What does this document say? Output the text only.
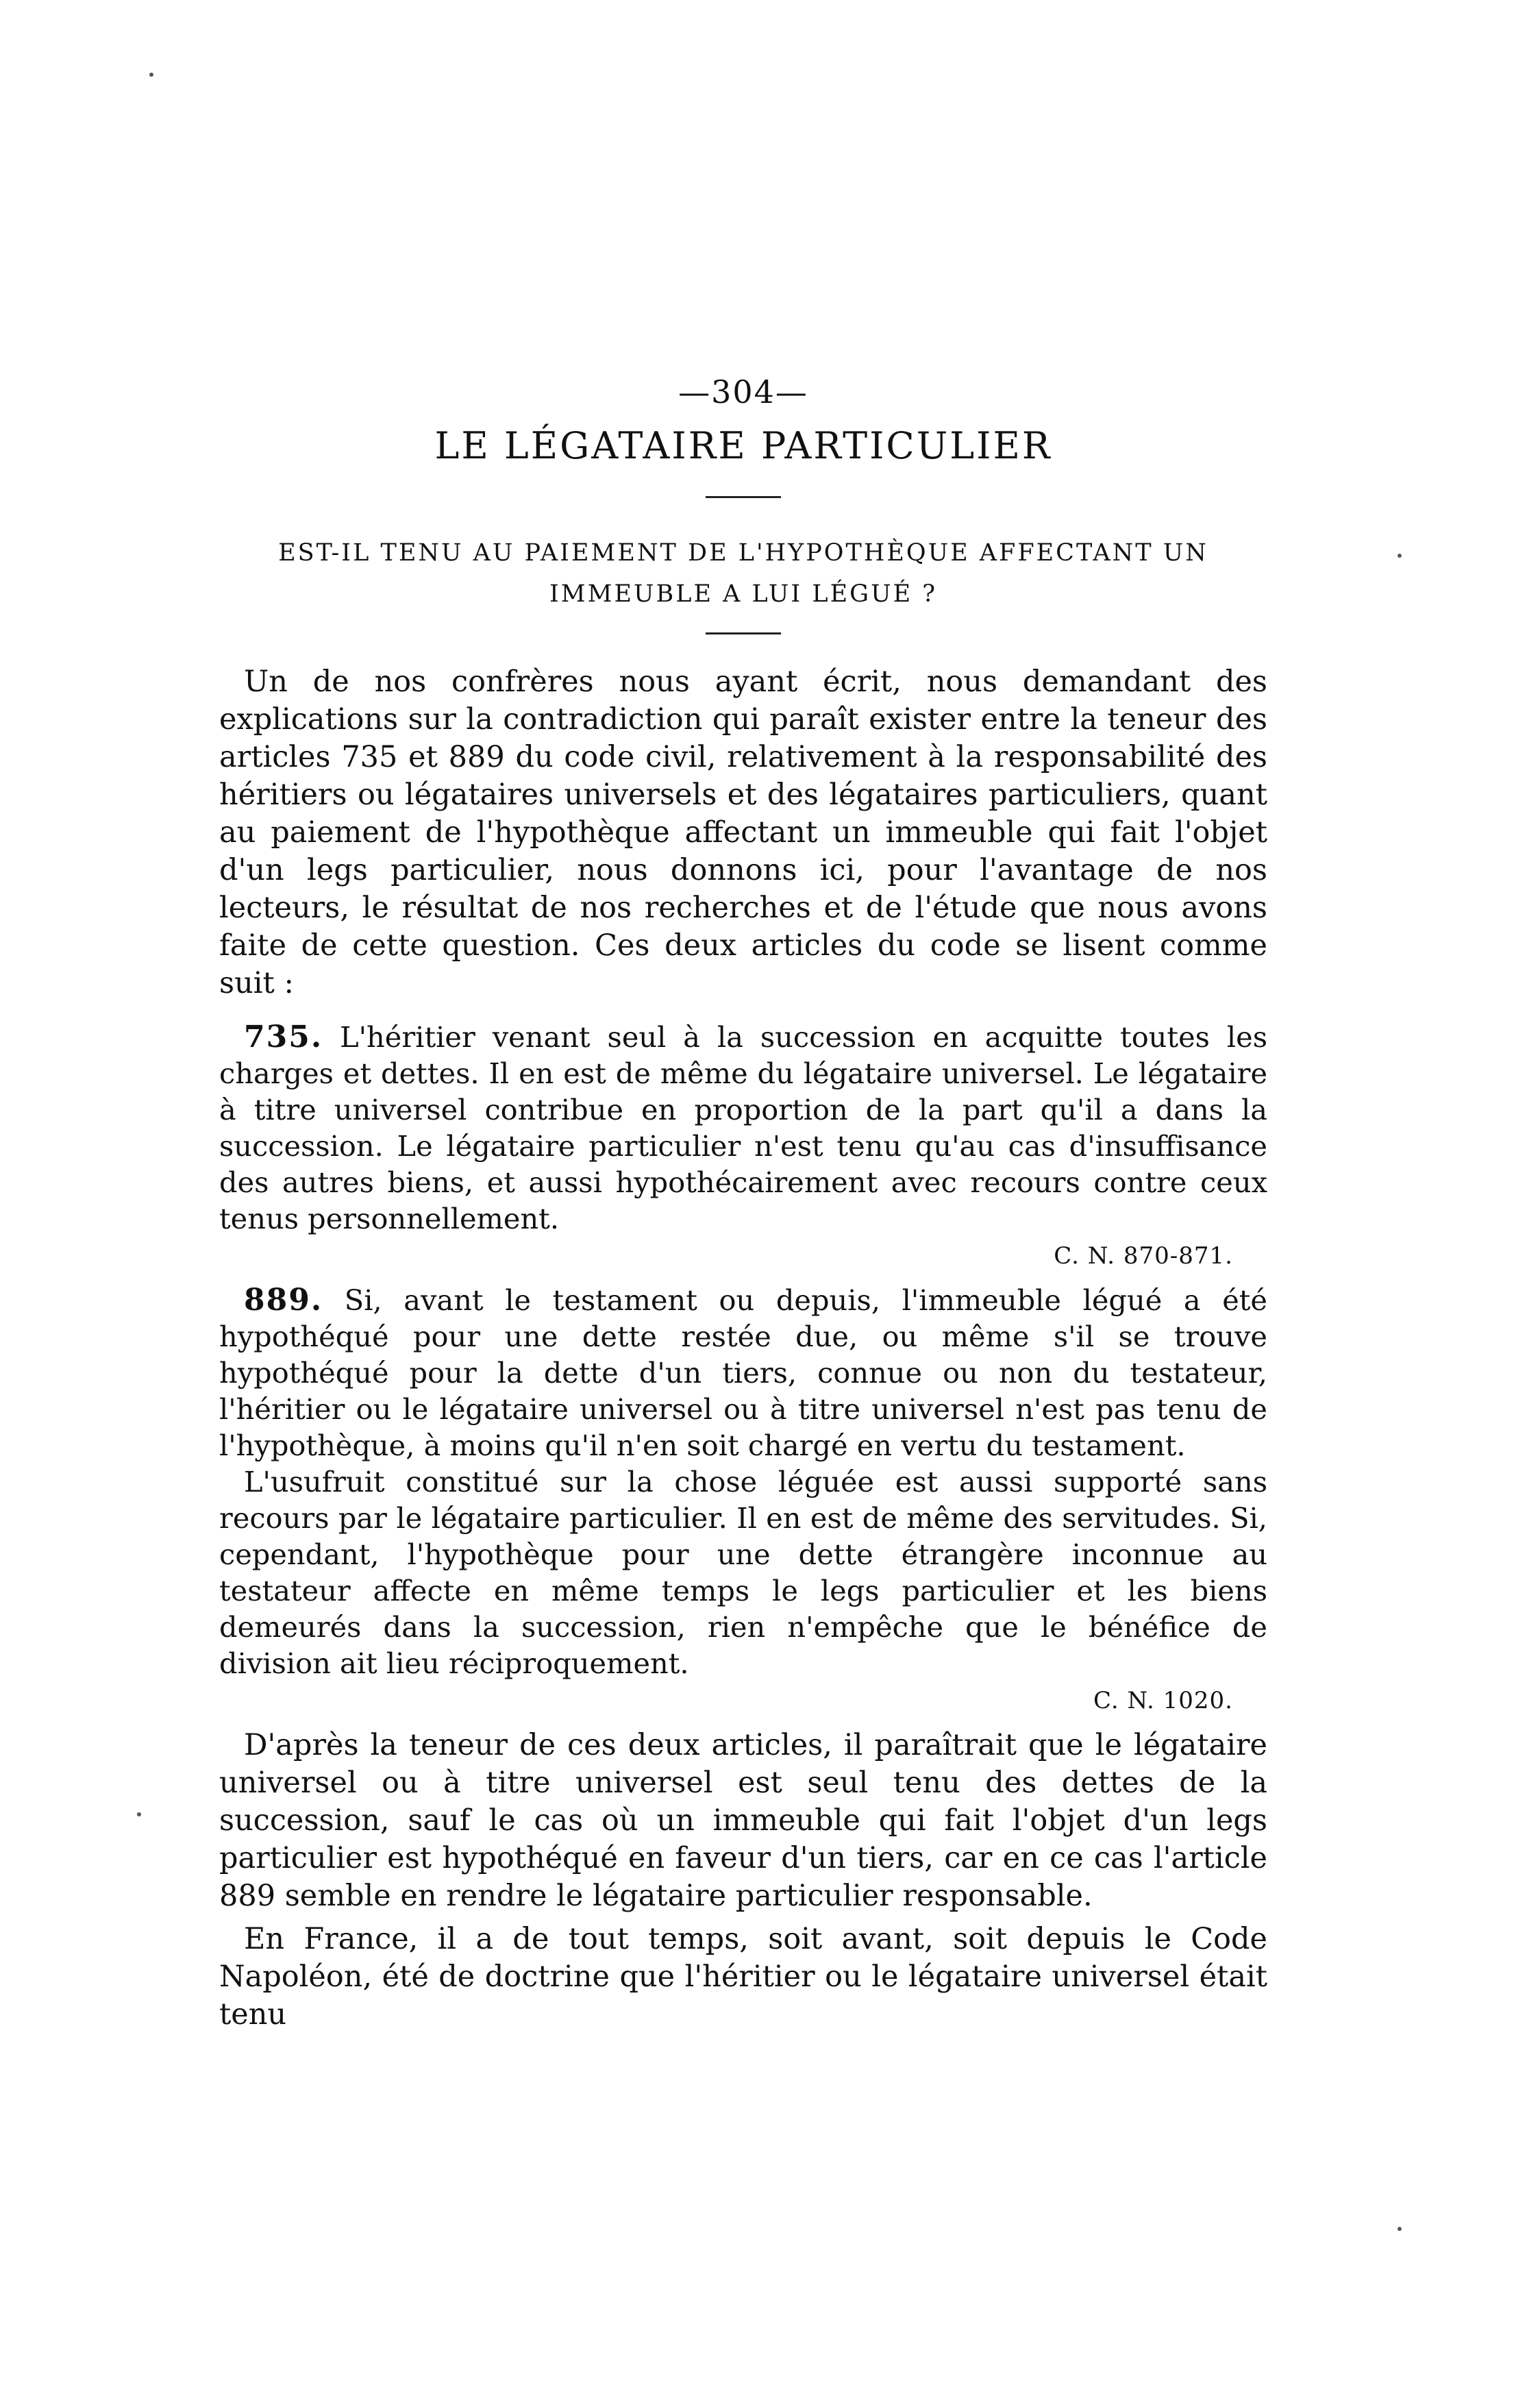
—304—
LE LÉGATAIRE PARTICULIER

EST-IL TENU AU PAIEMENT DE L'HYPOTHÈQUE AFFECTANT UN IMMEUBLE A LUI LÉGUÉ ?

Un de nos confrères nous ayant écrit, nous demandant des explications sur la contradiction qui paraît exister entre la teneur des articles 735 et 889 du code civil, relativement à la responsabilité des héritiers ou légataires universels et des légataires particuliers, quant au paiement de l'hypothèque affectant un immeuble qui fait l'objet d'un legs particulier, nous donnons ici, pour l'avantage de nos lecteurs, le résultat de nos recherches et de l'étude que nous avons faite de cette question. Ces deux articles du code se lisent comme suit :

735. L'héritier venant seul à la succession en acquitte toutes les charges et dettes. Il en est de même du légataire universel. Le légataire à titre universel contribue en proportion de la part qu'il a dans la succession. Le légataire particulier n'est tenu qu'au cas d'insuffisance des autres biens, et aussi hypothécairement avec recours contre ceux tenus personnellement.

C. N. 870-871.

889. Si, avant le testament ou depuis, l'immeuble légué a été hypothéqué pour une dette restée due, ou même s'il se trouve hypothéqué pour la dette d'un tiers, connue ou non du testateur, l'héritier ou le légataire universel ou à titre universel n'est pas tenu de l'hypothèque, à moins qu'il n'en soit chargé en vertu du testament.

L'usufruit constitué sur la chose léguée est aussi supporté sans recours par le légataire particulier. Il en est de même des servitudes. Si, cependant, l'hypothèque pour une dette étrangère inconnue au testateur affecte en même temps le legs particulier et les biens demeurés dans la succession, rien n'empêche que le bénéfice de division ait lieu réciproquement.

C. N. 1020.

D'après la teneur de ces deux articles, il paraîtrait que le légataire universel ou à titre universel est seul tenu des dettes de la succession, sauf le cas où un immeuble qui fait l'objet d'un legs particulier est hypothéqué en faveur d'un tiers, car en ce cas l'article 889 semble en rendre le légataire particulier responsable.

En France, il a de tout temps, soit avant, soit depuis le Code Napoléon, été de doctrine que l'héritier ou le légataire universel était tenu
